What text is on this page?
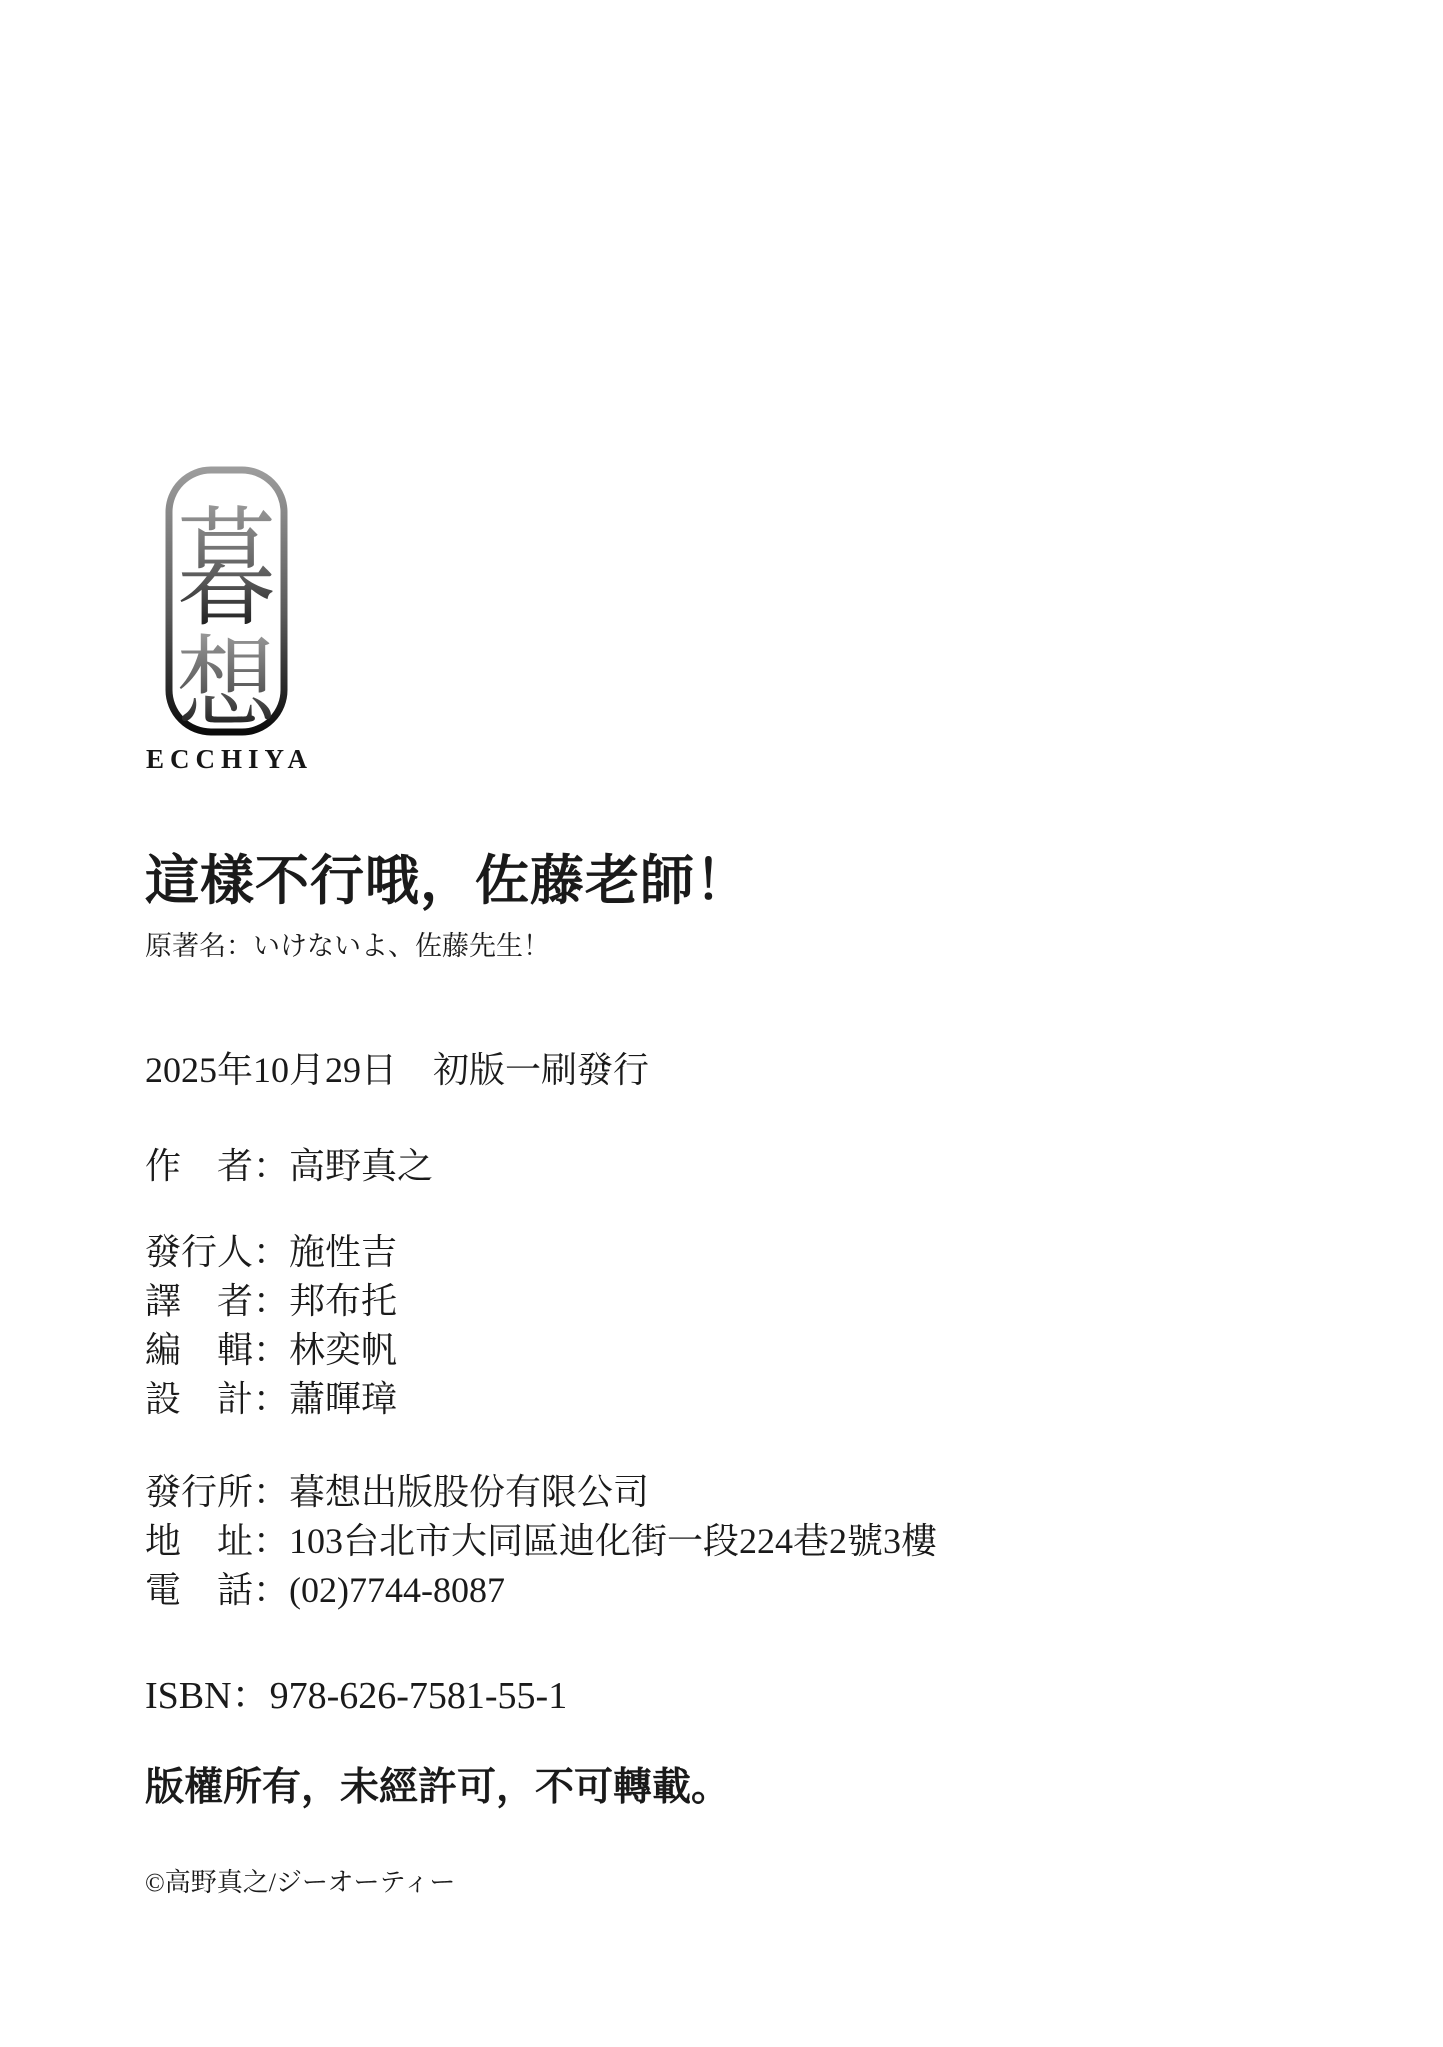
暮
想
ECCHIYA
這樣不行哦，佐藤老師！
原著名：いけないよ、佐藤先生！
2025年10月29日　初版一刷發行
作　者：高野真之
發行人：施性吉
譯　者：邦布托
編　輯：林奕帆
設　計：蕭暉璋
發行所：暮想出版股份有限公司
地　址：103台北市大同區迪化街一段224巷2號3樓
電　話：(02)7744-8087
ISBN：978-626-7581-55-1
版權所有，未經許可，不可轉載。
©高野真之/ジーオーティー
